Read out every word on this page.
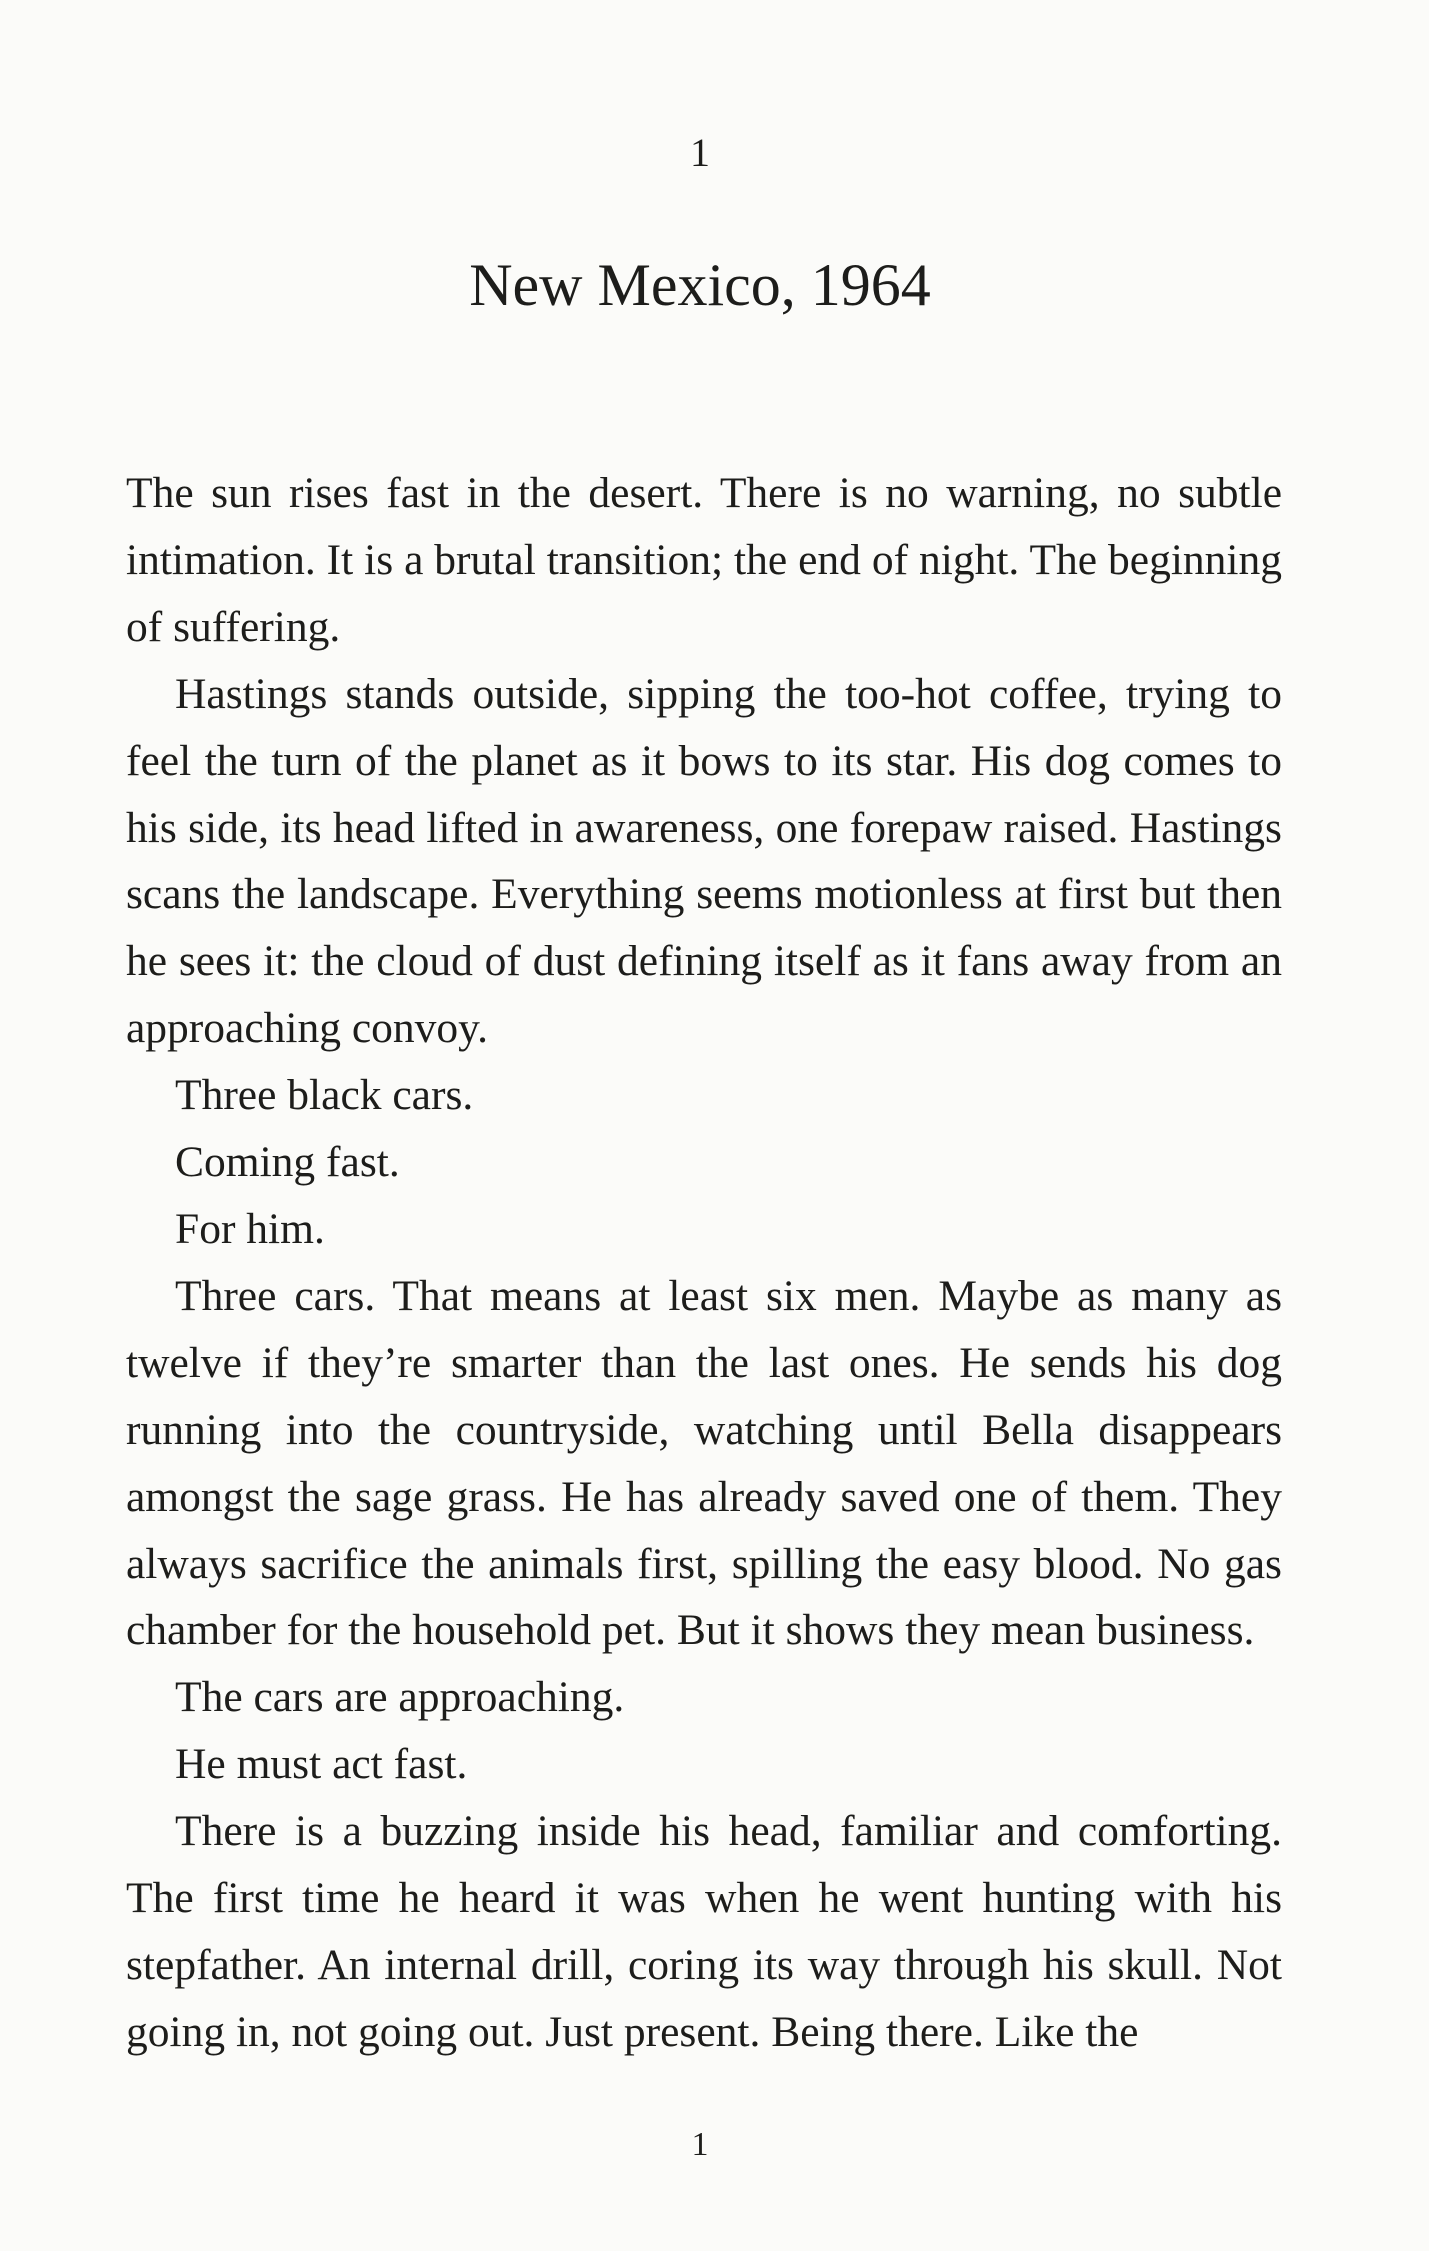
1
New Mexico, 1964

The sun rises fast in the desert. There is no warning, no subtle intimation. It is a brutal transition; the end of night. The beginning of suffering.

Hastings stands outside, sipping the too-hot coffee, trying to feel the turn of the planet as it bows to its star. His dog comes to his side, its head lifted in awareness, one forepaw raised. Hastings scans the landscape. Everything seems motionless at first but then he sees it: the cloud of dust defining itself as it fans away from an approaching convoy.

Three black cars.

Coming fast.

For him.

Three cars. That means at least six men. Maybe as many as twelve if they’re smarter than the last ones. He sends his dog running into the countryside, watching until Bella disappears amongst the sage grass. He has already saved one of them. They always sacrifice the animals first, spilling the easy blood. No gas chamber for the household pet. But it shows they mean business.

The cars are approaching.

He must act fast.

There is a buzzing inside his head, familiar and comforting. The first time he heard it was when he went hunting with his stepfather. An internal drill, coring its way through his skull. Not going in, not going out. Just present. Being there. Like the

1
